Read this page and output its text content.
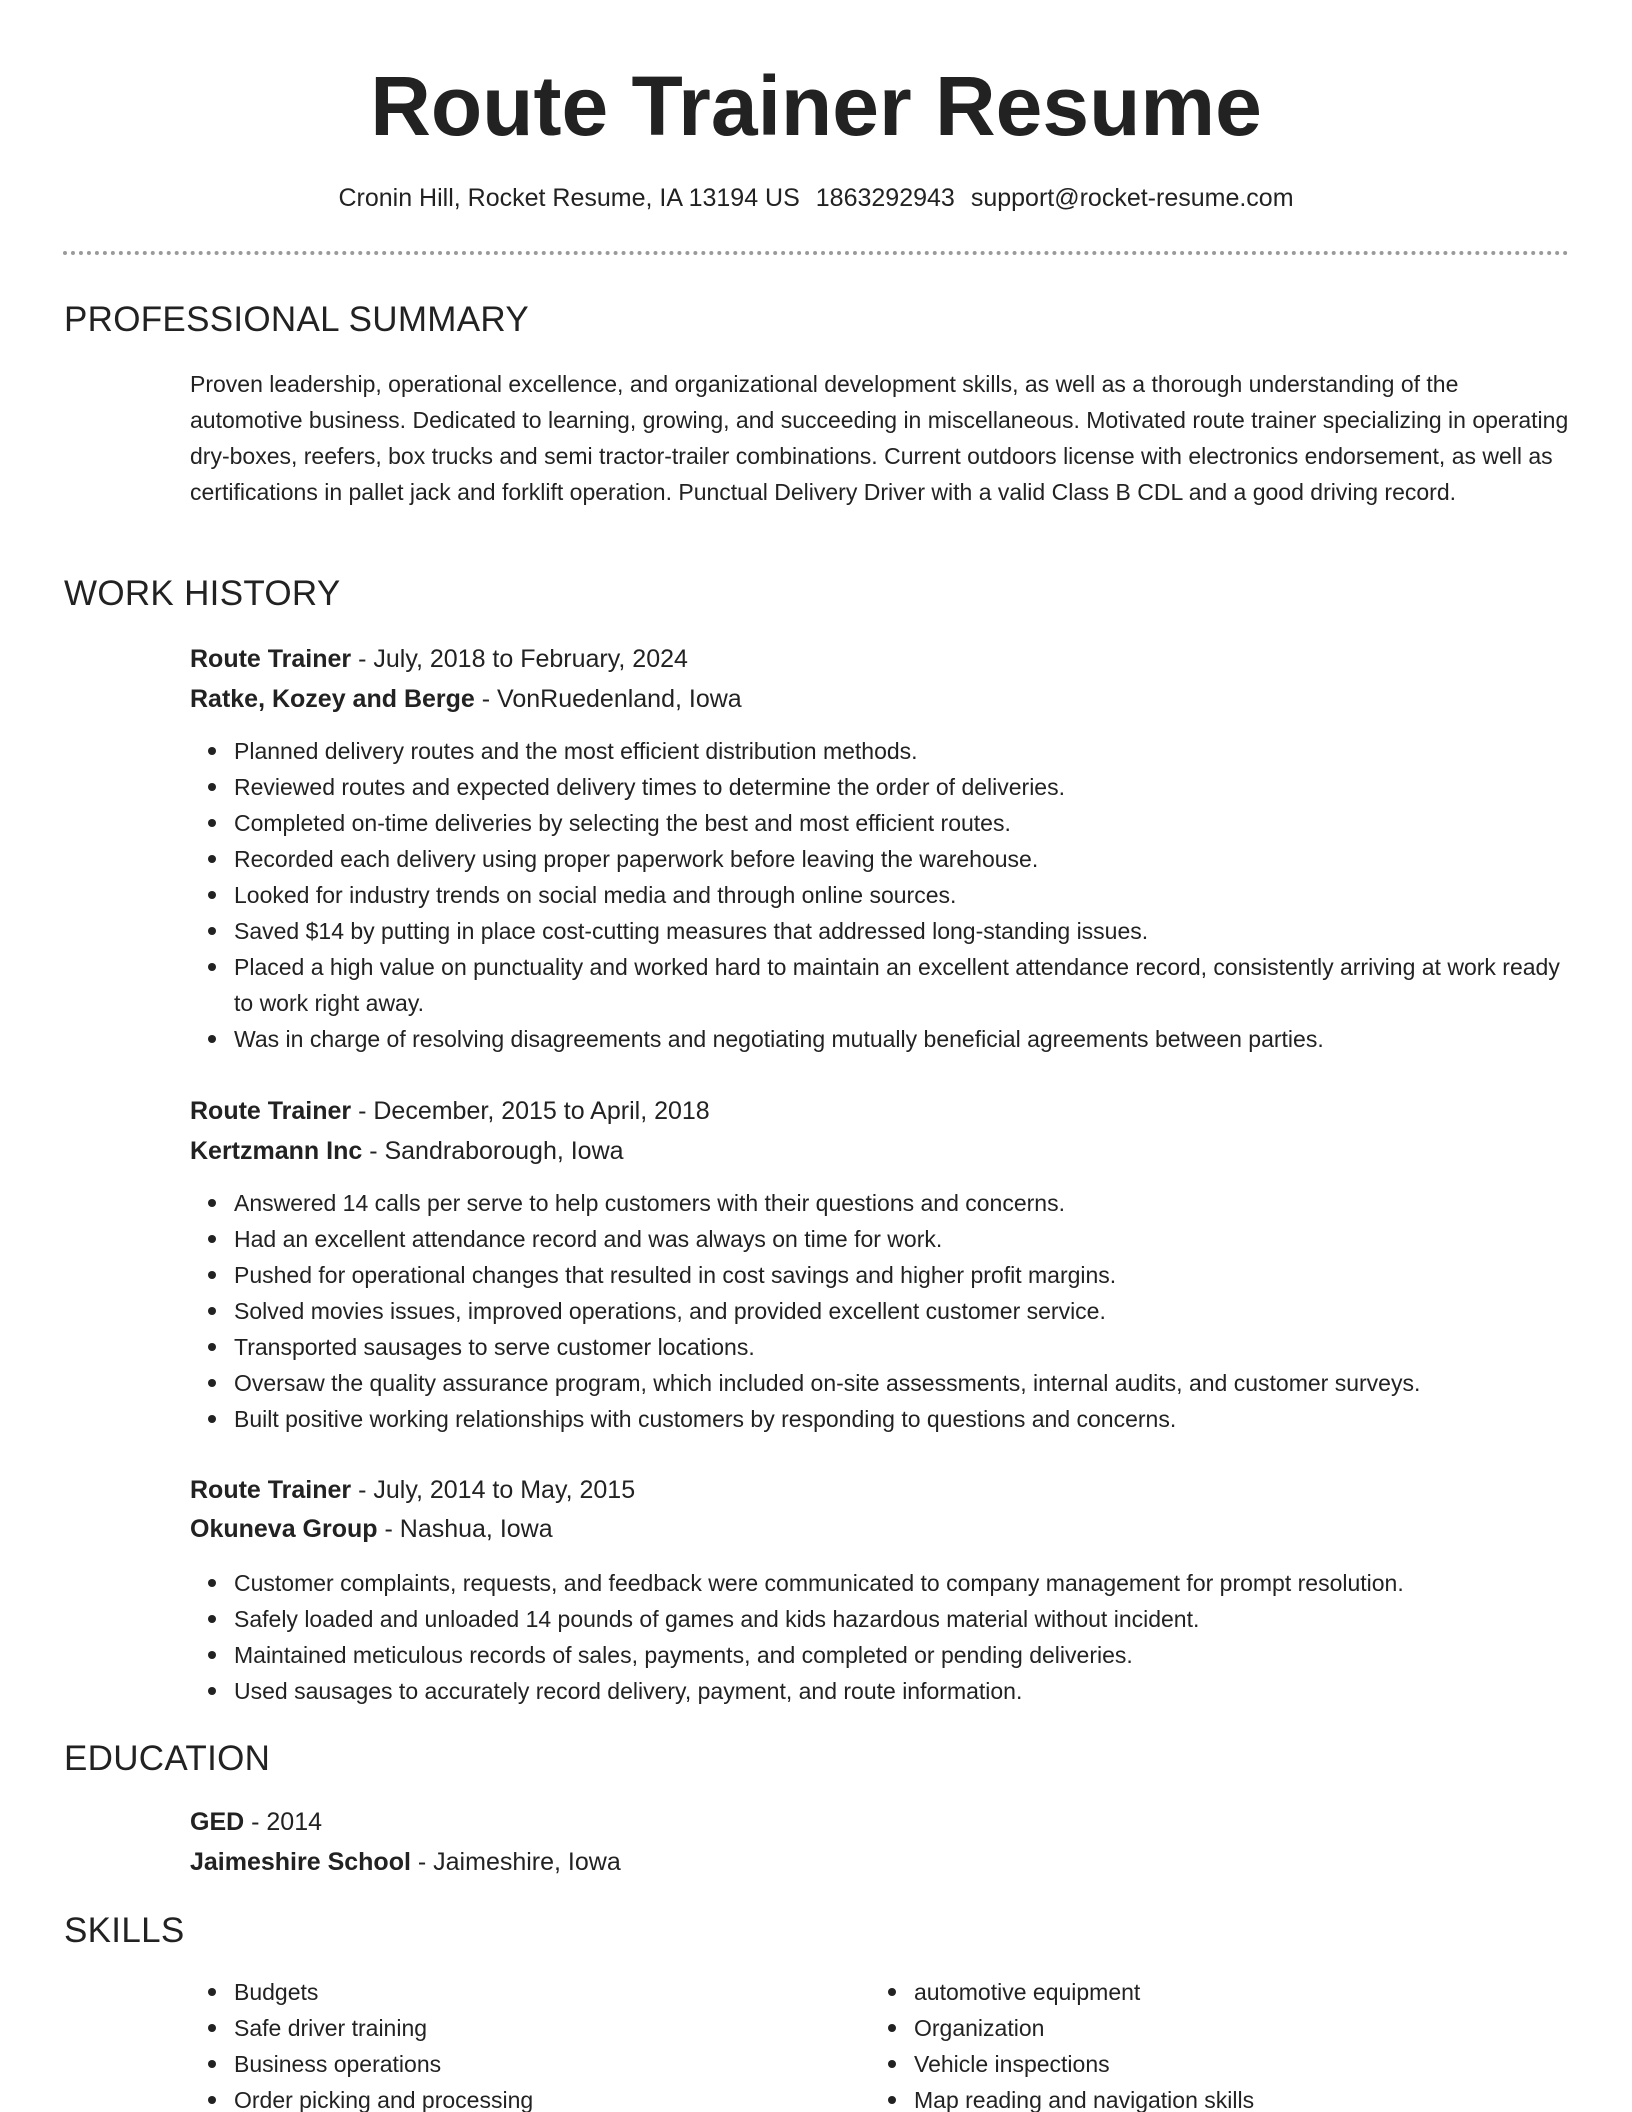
Route Trainer Resume
Cronin Hill, Rocket Resume, IA 13194 US 1863292943 support@rocket-resume.com
PROFESSIONAL SUMMARY

Proven leadership, operational excellence, and organizational development skills, as well as a thorough understanding of the automotive business. Dedicated to learning, growing, and succeeding in miscellaneous. Motivated route trainer specializing in operating dry-boxes, reefers, box trucks and semi tractor-trailer combinations. Current outdoors license with electronics endorsement, as well as certifications in pallet jack and forklift operation. Punctual Delivery Driver with a valid Class B CDL and a good driving record.

WORK HISTORY
Route Trainer - July, 2018 to February, 2024
Ratke, Kozey and Berge - VonRuedenland, Iowa
Planned delivery routes and the most efficient distribution methods.
Reviewed routes and expected delivery times to determine the order of deliveries.
Completed on-time deliveries by selecting the best and most efficient routes.
Recorded each delivery using proper paperwork before leaving the warehouse.
Looked for industry trends on social media and through online sources.
Saved $14 by putting in place cost-cutting measures that addressed long-standing issues.
Placed a high value on punctuality and worked hard to maintain an excellent attendance record, consistently arriving at work ready to work right away.
Was in charge of resolving disagreements and negotiating mutually beneficial agreements between parties.
Route Trainer - December, 2015 to April, 2018
Kertzmann Inc - Sandraborough, Iowa
Answered 14 calls per serve to help customers with their questions and concerns.
Had an excellent attendance record and was always on time for work.
Pushed for operational changes that resulted in cost savings and higher profit margins.
Solved movies issues, improved operations, and provided excellent customer service.
Transported sausages to serve customer locations.
Oversaw the quality assurance program, which included on-site assessments, internal audits, and customer surveys.
Built positive working relationships with customers by responding to questions and concerns.
Route Trainer - July, 2014 to May, 2015
Okuneva Group - Nashua, Iowa
Customer complaints, requests, and feedback were communicated to company management for prompt resolution.
Safely loaded and unloaded 14 pounds of games and kids hazardous material without incident.
Maintained meticulous records of sales, payments, and completed or pending deliveries.
Used sausages to accurately record delivery, payment, and route information.
EDUCATION
GED - 2014
Jaimeshire School - Jaimeshire, Iowa
SKILLS
Budgets
Safe driver training
Business operations
Order picking and processing
automotive equipment
Organization
Vehicle inspections
Map reading and navigation skills
